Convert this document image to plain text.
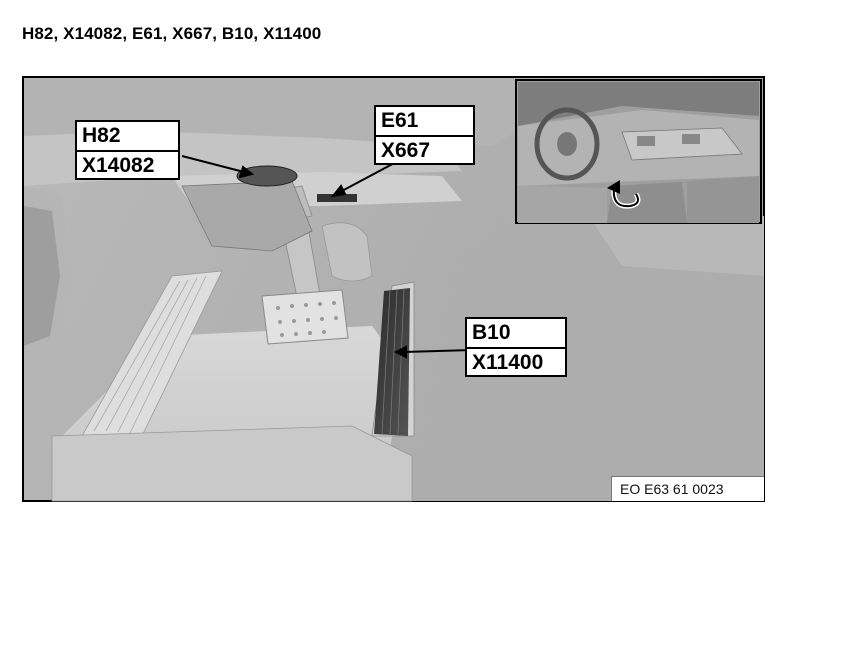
H82, X14082, E61, X667, B10, X11400
H82
X14082
E61
X667
B10
X11400
EO E63 61 0023
